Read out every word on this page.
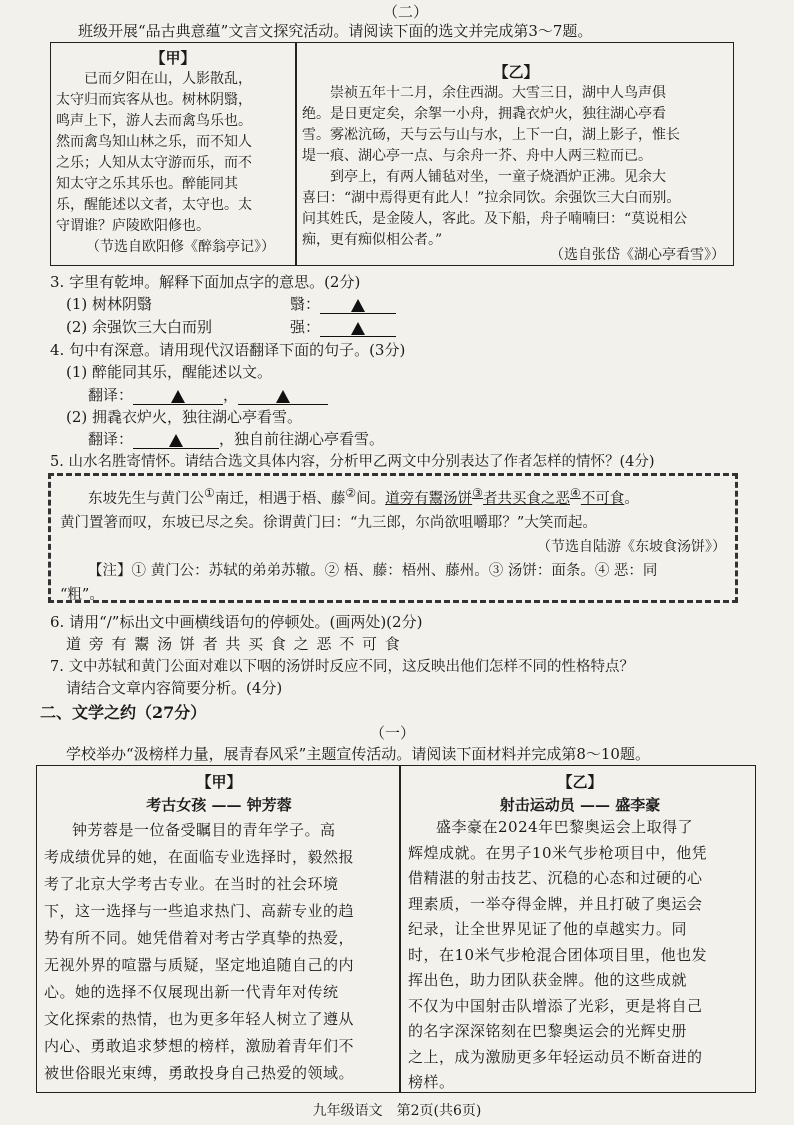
（二）
班级开展“品古典意蕴”文言文探究活动。请阅读下面的选文并完成第3～7题。
【甲】
已而夕阳在山，人影散乱，
太守归而宾客从也。树林阴翳，
鸣声上下，游人去而禽鸟乐也。
然而禽鸟知山林之乐，而不知人
之乐；人知从太守游而乐，而不
知太守之乐其乐也。醉能同其
乐，醒能述以文者，太守也。太
守谓谁？庐陵欧阳修也。
（节选自欧阳修《醉翁亭记》）
【乙】
崇祯五年十二月，余住西湖。大雪三日，湖中人鸟声俱
绝。是日更定矣，余挐一小舟，拥毳衣炉火，独往湖心亭看
雪。雾凇沆砀，天与云与山与水，上下一白，湖上影子，惟长
堤一痕、湖心亭一点、与余舟一芥、舟中人两三粒而已。
到亭上，有两人铺毡对坐，一童子烧酒炉正沸。见余大
喜曰：“湖中焉得更有此人！”拉余同饮。余强饮三大白而别。
问其姓氏，是金陵人，客此。及下船，舟子喃喃曰：“莫说相公
痴，更有痴似相公者。”
（选自张岱《湖心亭看雪》）
3. 字里有乾坤。解释下面加点字的意思。(2分)
(1) 树林阴翳	翳：
(2) 余强饮三大白而别	强：
4. 句中有深意。请用现代汉语翻译下面的句子。(3分)
(1) 醉能同其乐，醒能述以文。
翻译：	，
(2) 拥毳衣炉火，独往湖心亭看雪。
翻译：	，独自前往湖心亭看雪。
5. 山水名胜寄情怀。请结合选文具体内容，分析甲乙两文中分别表达了作者怎样的情怀？(4分)
东坡先生与黄门公①南迁，相遇于梧、藤②间。道旁有鬻汤饼③者共买食之恶④不可食。
黄门置箸而叹，东坡已尽之矣。徐谓黄门曰：“九三郎，尔尚欲咀嚼耶？”大笑而起。
（节选自陆游《东坡食汤饼》）
【注】① 黄门公：苏轼的弟弟苏辙。② 梧、藤：梧州、藤州。③ 汤饼：面条。④ 恶：同
“粗”。
6. 请用“/”标出文中画横线语句的停顿处。(画两处)(2分)
道 旁 有 鬻 汤 饼 者 共 买 食 之 恶 不 可 食
7. 文中苏轼和黄门公面对难以下咽的汤饼时反应不同，这反映出他们怎样不同的性格特点？
请结合文章内容简要分析。(4分)
二、文学之约（27分）
（一）
学校举办“汲榜样力量，展青春风采”主题宣传活动。请阅读下面材料并完成第8～10题。
【甲】
考古女孩 —— 钟芳蓉
钟芳蓉是一位备受瞩目的青年学子。高
考成绩优异的她，在面临专业选择时，毅然报
考了北京大学考古专业。在当时的社会环境
下，这一选择与一些追求热门、高薪专业的趋
势有所不同。她凭借着对考古学真挚的热爱，
无视外界的喧嚣与质疑，坚定地追随自己的内
心。她的选择不仅展现出新一代青年对传统
文化探索的热情，也为更多年轻人树立了遵从
内心、勇敢追求梦想的榜样，激励着青年们不
被世俗眼光束缚，勇敢投身自己热爱的领域。
【乙】
射击运动员 —— 盛李豪
盛李豪在2024年巴黎奥运会上取得了
辉煌成就。在男子10米气步枪项目中，他凭
借精湛的射击技艺、沉稳的心态和过硬的心
理素质，一举夺得金牌，并且打破了奥运会
纪录，让全世界见证了他的卓越实力。同
时，在10米气步枪混合团体项目里，他也发
挥出色，助力团队获金牌。他的这些成就
不仅为中国射击队增添了光彩，更是将自己
的名字深深铭刻在巴黎奥运会的光辉史册
之上，成为激励更多年轻运动员不断奋进的
榜样。
九年级语文　第2页(共6页)
